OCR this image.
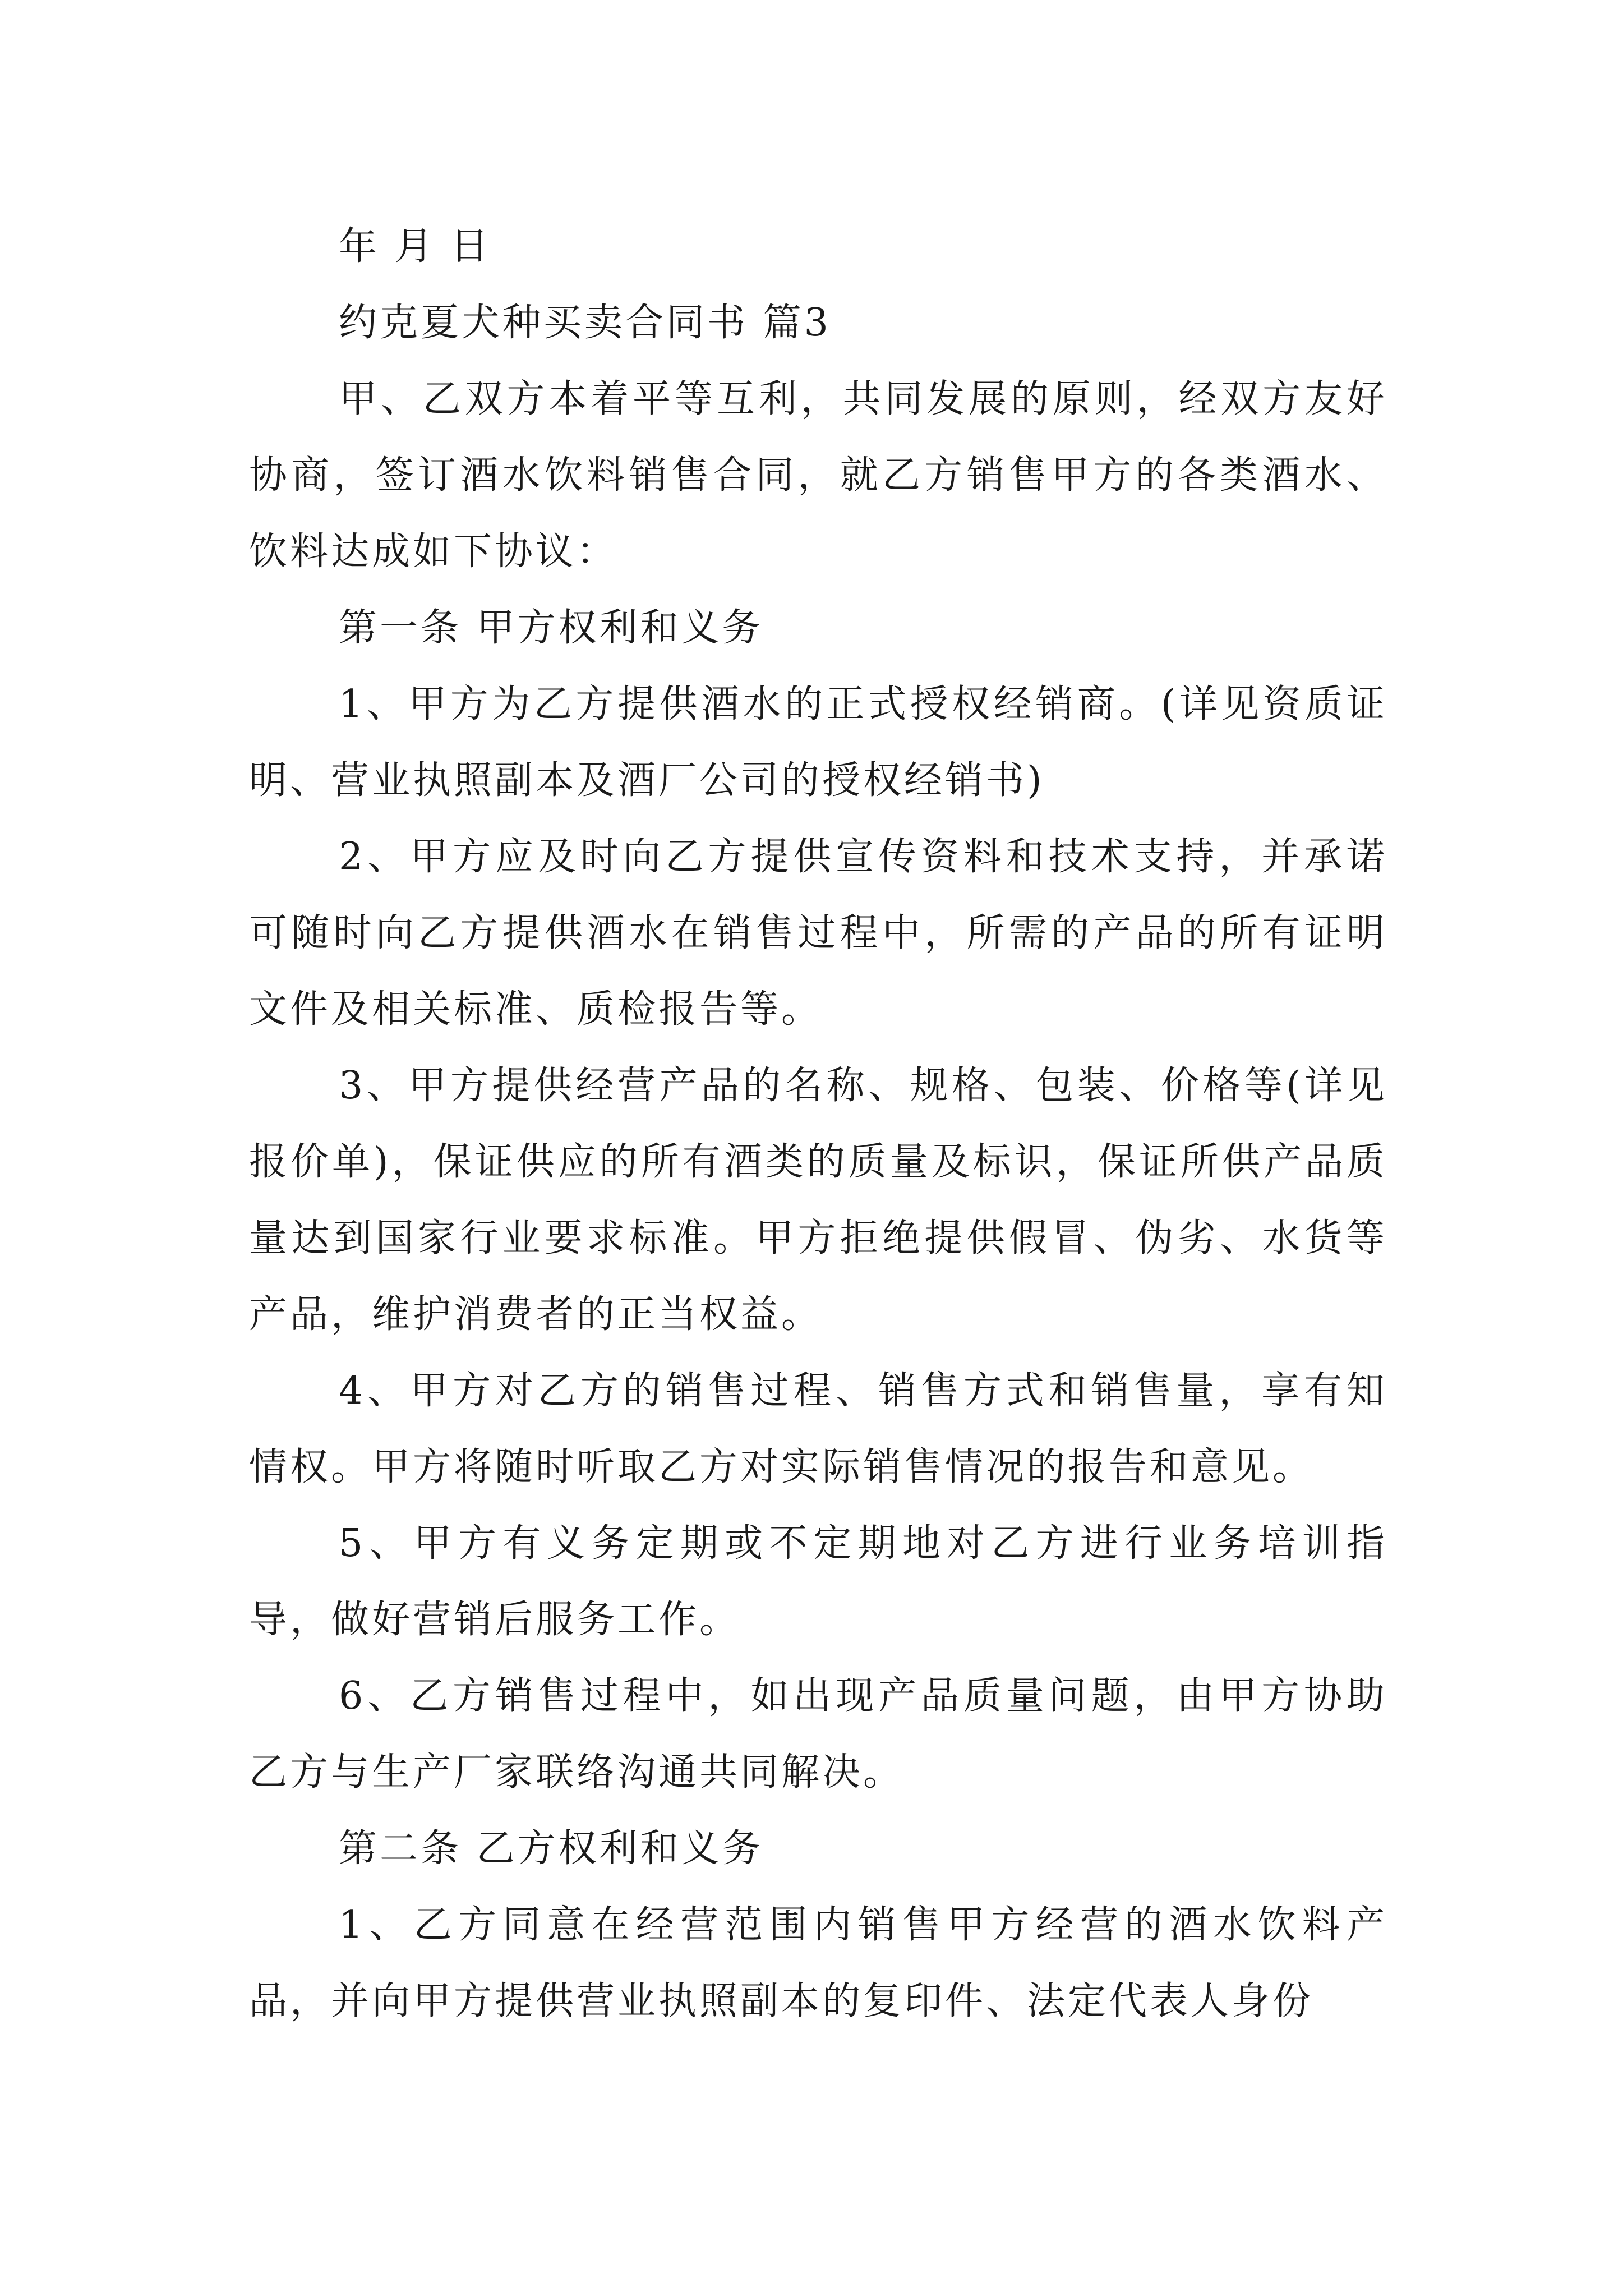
年 月 日

约克夏犬种买卖合同书 篇3

甲、乙双方本着平等互利，共同发展的原则，经双方友好协商，签订酒水饮料销售合同，就乙方销售甲方的各类酒水、饮料达成如下协议：

第一条 甲方权利和义务

1、甲方为乙方提供酒水的正式授权经销商。(详见资质证明、营业执照副本及酒厂公司的授权经销书)

2、甲方应及时向乙方提供宣传资料和技术支持，并承诺可随时向乙方提供酒水在销售过程中，所需的产品的所有证明文件及相关标准、质检报告等。

3、甲方提供经营产品的名称、规格、包装、价格等(详见报价单)，保证供应的所有酒类的质量及标识，保证所供产品质量达到国家行业要求标准。甲方拒绝提供假冒、伪劣、水货等产品，维护消费者的正当权益。

4、甲方对乙方的销售过程、销售方式和销售量，享有知情权。甲方将随时听取乙方对实际销售情况的报告和意见。

5、甲方有义务定期或不定期地对乙方进行业务培训指导，做好营销后服务工作。

6、乙方销售过程中，如出现产品质量问题，由甲方协助乙方与生产厂家联络沟通共同解决。

第二条 乙方权利和义务

1、乙方同意在经营范围内销售甲方经营的酒水饮料产品，并向甲方提供营业执照副本的复印件、法定代表人身份
